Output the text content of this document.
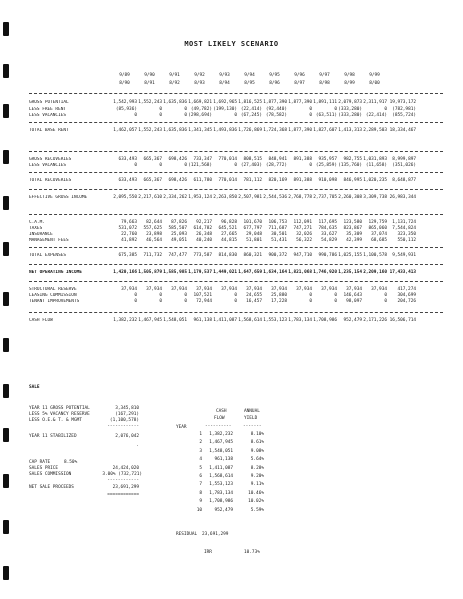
MOST LIKELY SCENARIO
9/89	9/90	9/91	9/92	9/93	9/94	9/95	9/96	9/97	9/98	9/99
8/90	8/91	8/92	8/93	8/94	8/95	8/96	8/97	8/98	8/99	8/00
GROSS POTENTIAL	1,542,993 1,552,243 1,635,836 1,669,821 1,692,965 1,816,525 1,877,390 1,877,390 1,891,111 2,079,873 2,311,917 19,973,172
LESS FREE RENT	(85,936)	0	0 (49,782) (199,130) (22,414) (92,440)	0	0 (333,280)	0	(782,981)
LESS VACANCIES	0	0	0 (298,694)	0 (67,245) (78,582)	0 (63,511) (333,280) (22,414)	(855,724)
TOTAL BASE RENT	1,462,057 1,552,243 1,635,836 1,341,345 1,493,836 1,726,869 1,724,368 1,877,390 1,827,607 1,413,313 2,289,503 18,334,467
GROSS RECOVERIES	633,493	665,367	698,426	733,347	770,014	808,515	848,941	891,388	935,957	982,755 1,031,893	8,999,897
LESS VACANCIES	0	0	0 (121,568)	0 (27,403) (28,772)	0 (25,859) (135,760) (11,658)	(351,026)
TOTAL RECOVERIES	633,493	665,367	698,426	611,780	770,014	781,112	820,169	891,388	910,098	846,995 1,020,235	8,648,877
EFFECTIVE GROSS INCOME	2,095,550 2,217,610 2,334,262 1,953,124 2,263,850 2,507,981 2,544,536 2,768,778 2,737,705 2,260,308 3,309,738 26,983,344
C.A.M.	79,663	82,644	87,826	92,217	96,828	101,670	106,753	112,091	117,695	123,580	129,759	1,131,724
TAXES	531,072	557,625	585,507	614,782	645,521	677,797	711,687	747,271	784,635	823,867	865,060	7,544,824
INSURANCE	22,760	23,898	25,093	26,348	27,665	29,048	30,501	32,026	33,627	35,309	37,074	323,350
MANAGEMENT FEES	41,892	46,564	49,051	40,240	44,815	51,801	51,431	56,322	54,829	42,399	68,685	550,112
TOTAL EXPENSES	675,385	711,732	747,477	773,587	814,830	860,321	900,372	947,710	990,786 1,025,155 1,100,578	9,549,931
NET OPERATING INCOME	1,420,166 1,505,879 1,585,985 1,179,537 1,449,021 1,647,659 1,634,164 1,821,068 1,746,920 1,235,154 2,209,160 17,433,413
STRUCTURAL RESERVE	37,934	37,934	37,934	37,934	37,934	37,934	37,934	37,934	37,934	37,934	37,934	417,274
LEASING COMMISSION	0	0	0	107,521	0	24,655	25,880	0	0	146,643	0	304,699
TENANT IMPROVEMENTS	0	0	0	72,944	0	16,457	17,228	0	0	98,097	0	204,726
CASH FLOW	1,382,232 1,467,945 1,548,051	961,138 1,411,087 1,568,614 1,553,123 1,783,134 1,708,986	952,479 2,171,226 16,506,714
SALE
YEAR 11 GROSS POTENTIAL	3,345,810
LESS 5% VACANCY RESERVE	(167,291)
LESS O.E.& T. & MGMT	(1,100,578)
------------
YEAR 11 STABILIZED	2,076,042
.
CAP RATE	8.50%
SALES PRICE	24,424,020
SALES COMMISSION	3.00% (732,721)
------------
NET SALE PROCEEDS	23,691,299
============
CASH
FLOW
ANNUAL
YIELD
YEAR	----------	-------
1	1,382,232	8.10%
2	1,467,945	8.61%
3	1,548,051	9.08%
4	961,138	5.64%
5	1,411,087	8.28%
6	1,568,614	9.20%
7	1,553,123	9.11%
8	1,783,134	10.46%
9	1,708,986	10.02%
10	952,479	5.59%
RESIDUAL 23,691,299
IRR	10.73%
